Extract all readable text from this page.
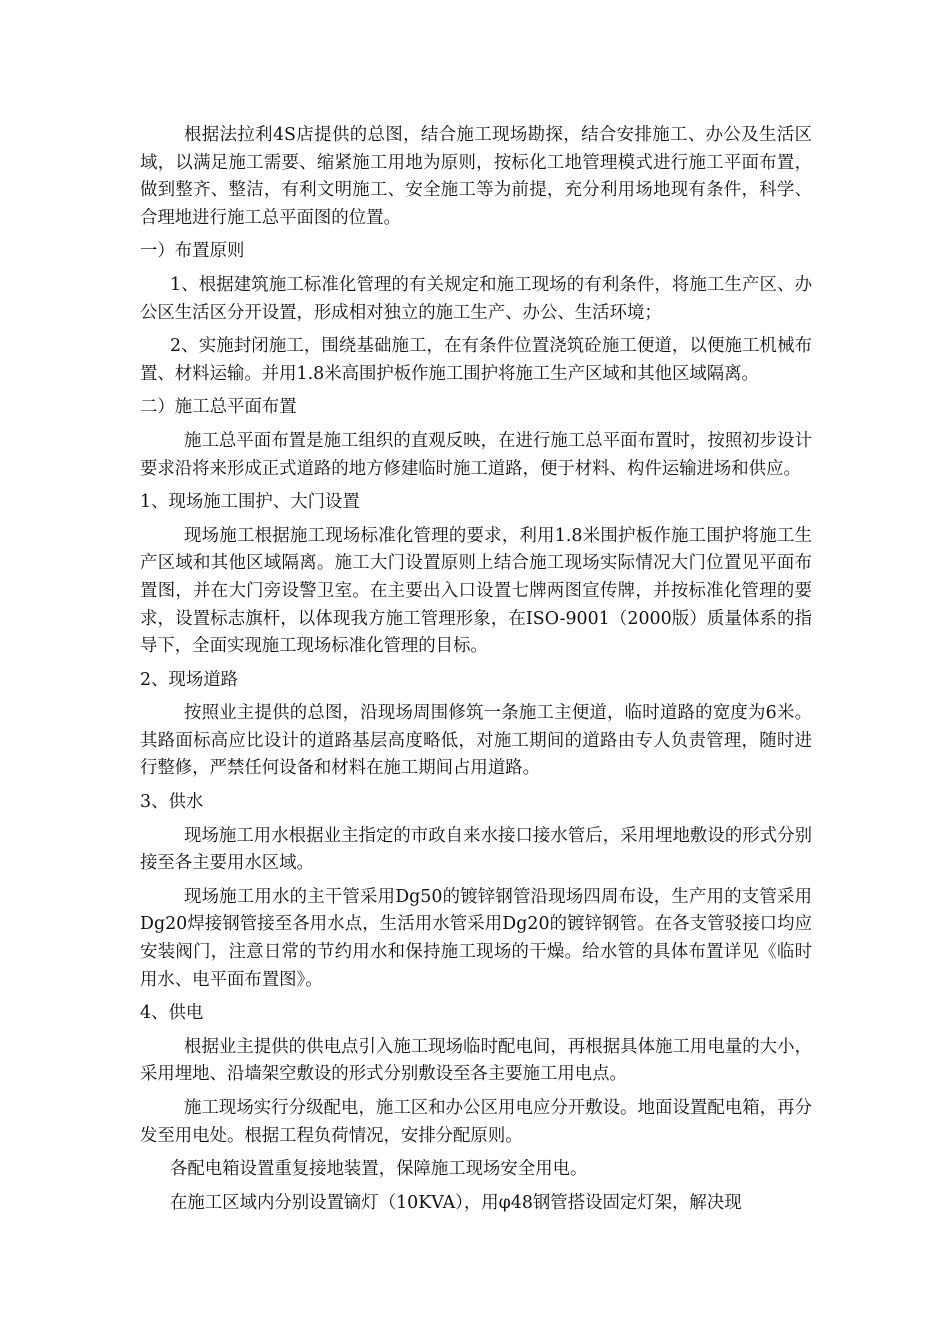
根据法拉利4S店提供的总图，结合施工现场勘探，结合安排施工、办公及生活区域，以满足施工需要、缩紧施工用地为原则，按标化工地管理模式进行施工平面布置，做到整齐、整洁，有利文明施工、安全施工等为前提，充分利用场地现有条件，科学、合理地进行施工总平面图的位置。

一）布置原则

1、根据建筑施工标准化管理的有关规定和施工现场的有利条件，将施工生产区、办公区生活区分开设置，形成相对独立的施工生产、办公、生活环境；

2、实施封闭施工，围绕基础施工，在有条件位置浇筑砼施工便道，以便施工机械布置、材料运输。并用1.8米高围护板作施工围护将施工生产区域和其他区域隔离。

二）施工总平面布置

施工总平面布置是施工组织的直观反映，在进行施工总平面布置时，按照初步设计要求沿将来形成正式道路的地方修建临时施工道路，便于材料、构件运输进场和供应。

1、现场施工围护、大门设置

现场施工根据施工现场标准化管理的要求，利用1.8米围护板作施工围护将施工生产区域和其他区域隔离。施工大门设置原则上结合施工现场实际情况大门位置见平面布置图，并在大门旁设警卫室。在主要出入口设置七牌两图宣传牌，并按标准化管理的要求，设置标志旗杆，以体现我方施工管理形象，在ISO-9001（2000版）质量体系的指导下，全面实现施工现场标准化管理的目标。

2、现场道路

按照业主提供的总图，沿现场周围修筑一条施工主便道，临时道路的宽度为6米。其路面标高应比设计的道路基层高度略低，对施工期间的道路由专人负责管理，随时进行整修，严禁任何设备和材料在施工期间占用道路。

3、供水

现场施工用水根据业主指定的市政自来水接口接水管后，采用埋地敷设的形式分别接至各主要用水区域。

现场施工用水的主干管采用Dg50的镀锌钢管沿现场四周布设，生产用的支管采用Dg20焊接钢管接至各用水点，生活用水管采用Dg20的镀锌钢管。在各支管驳接口均应安装阀门，注意日常的节约用水和保持施工现场的干燥。给水管的具体布置详见《临时用水、电平面布置图》。

4、供电

根据业主提供的供电点引入施工现场临时配电间，再根据具体施工用电量的大小，采用埋地、沿墙架空敷设的形式分别敷设至各主要施工用电点。

施工现场实行分级配电，施工区和办公区用电应分开敷设。地面设置配电箱，再分发至用电处。根据工程负荷情况，安排分配原则。

各配电箱设置重复接地装置，保障施工现场安全用电。

在施工区域内分别设置镝灯（10KVA），用φ48钢管搭设固定灯架，解决现
